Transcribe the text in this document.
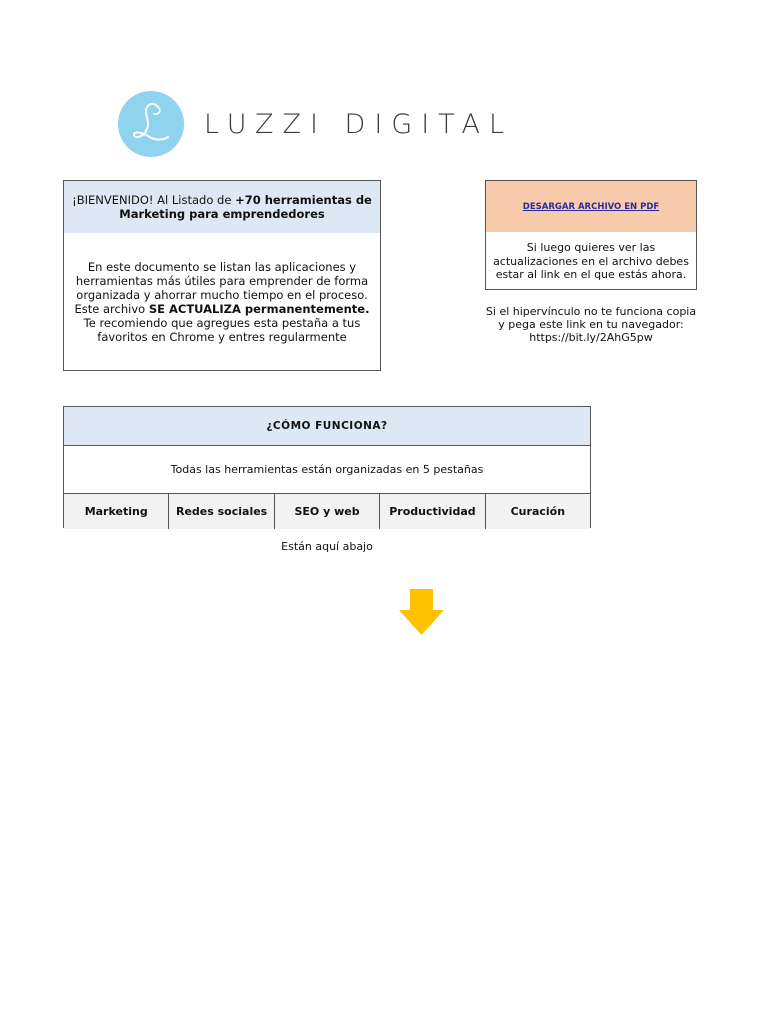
LUZZI DIGITAL
¡BIENVENIDO! Al Listado de +70 herramientas de Marketing para emprendedores
En este documento se listan las aplicaciones y herramientas más útiles para emprender de forma organizada y ahorrar mucho tiempo en el proceso. Este archivo SE ACTUALIZA permanentemente. Te recomiendo que agregues esta pestaña a tus favoritos en Chrome y entres regularmente
DESARGAR ARCHIVO EN PDF
Si luego quieres ver las actualizaciones en el archivo debes estar al link en el que estás ahora.
Si el hipervínculo no te funciona copia y pega este link en tu navegador:
https://bit.ly/2AhG5pw
¿CÓMO FUNCIONA?
Todas las herramientas están organizadas en 5 pestañas
Marketing	Redes sociales	SEO y web	Productividad	Curación
Están aquí abajo
